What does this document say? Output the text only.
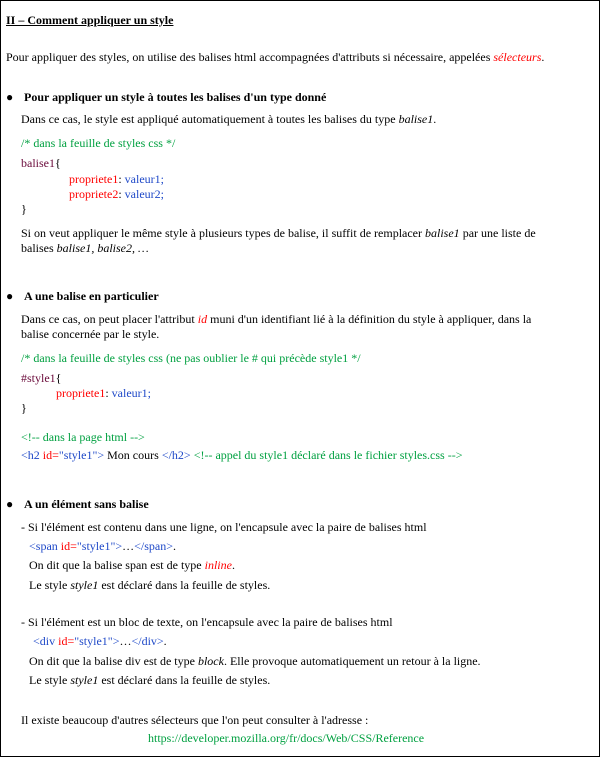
II – Comment appliquer un style
Pour appliquer des styles, on utilise des balises html accompagnées d'attributs si nécessaire, appelées sélecteurs.
● Pour appliquer un style à toutes les balises d'un type donné
Dans ce cas, le style est appliqué automatiquement à toutes les balises du type balise1.
/* dans la feuille de styles css */
balise1{
propriete1: valeur1;
propriete2: valeur2;
}
Si on veut appliquer le même style à plusieurs types de balise, il suffit de remplacer balise1 par une liste de
balises balise1, balise2, …
● A une balise en particulier
Dans ce cas, on peut placer l'attribut id muni d'un identifiant lié à la définition du style à appliquer, dans la
balise concernée par le style.
/* dans la feuille de styles css (ne pas oublier le # qui précède style1 */
#style1{
propriete1: valeur1;
}
<!-- dans la page html -->
<h2 id="style1"> Mon cours </h2> <!-- appel du style1 déclaré dans le fichier styles.css -->
● A un élément sans balise
- Si l'élément est contenu dans une ligne, on l'encapsule avec la paire de balises html
<span id="style1">…</span>.
On dit que la balise span est de type inline.
Le style style1 est déclaré dans la feuille de styles.
- Si l'élément est un bloc de texte, on l'encapsule avec la paire de balises html
<div id="style1">…</div>.
On dit que la balise div est de type block. Elle provoque automatiquement un retour à la ligne.
Le style style1 est déclaré dans la feuille de styles.
Il existe beaucoup d'autres sélecteurs que l'on peut consulter à l'adresse :
https://developer.mozilla.org/fr/docs/Web/CSS/Reference
